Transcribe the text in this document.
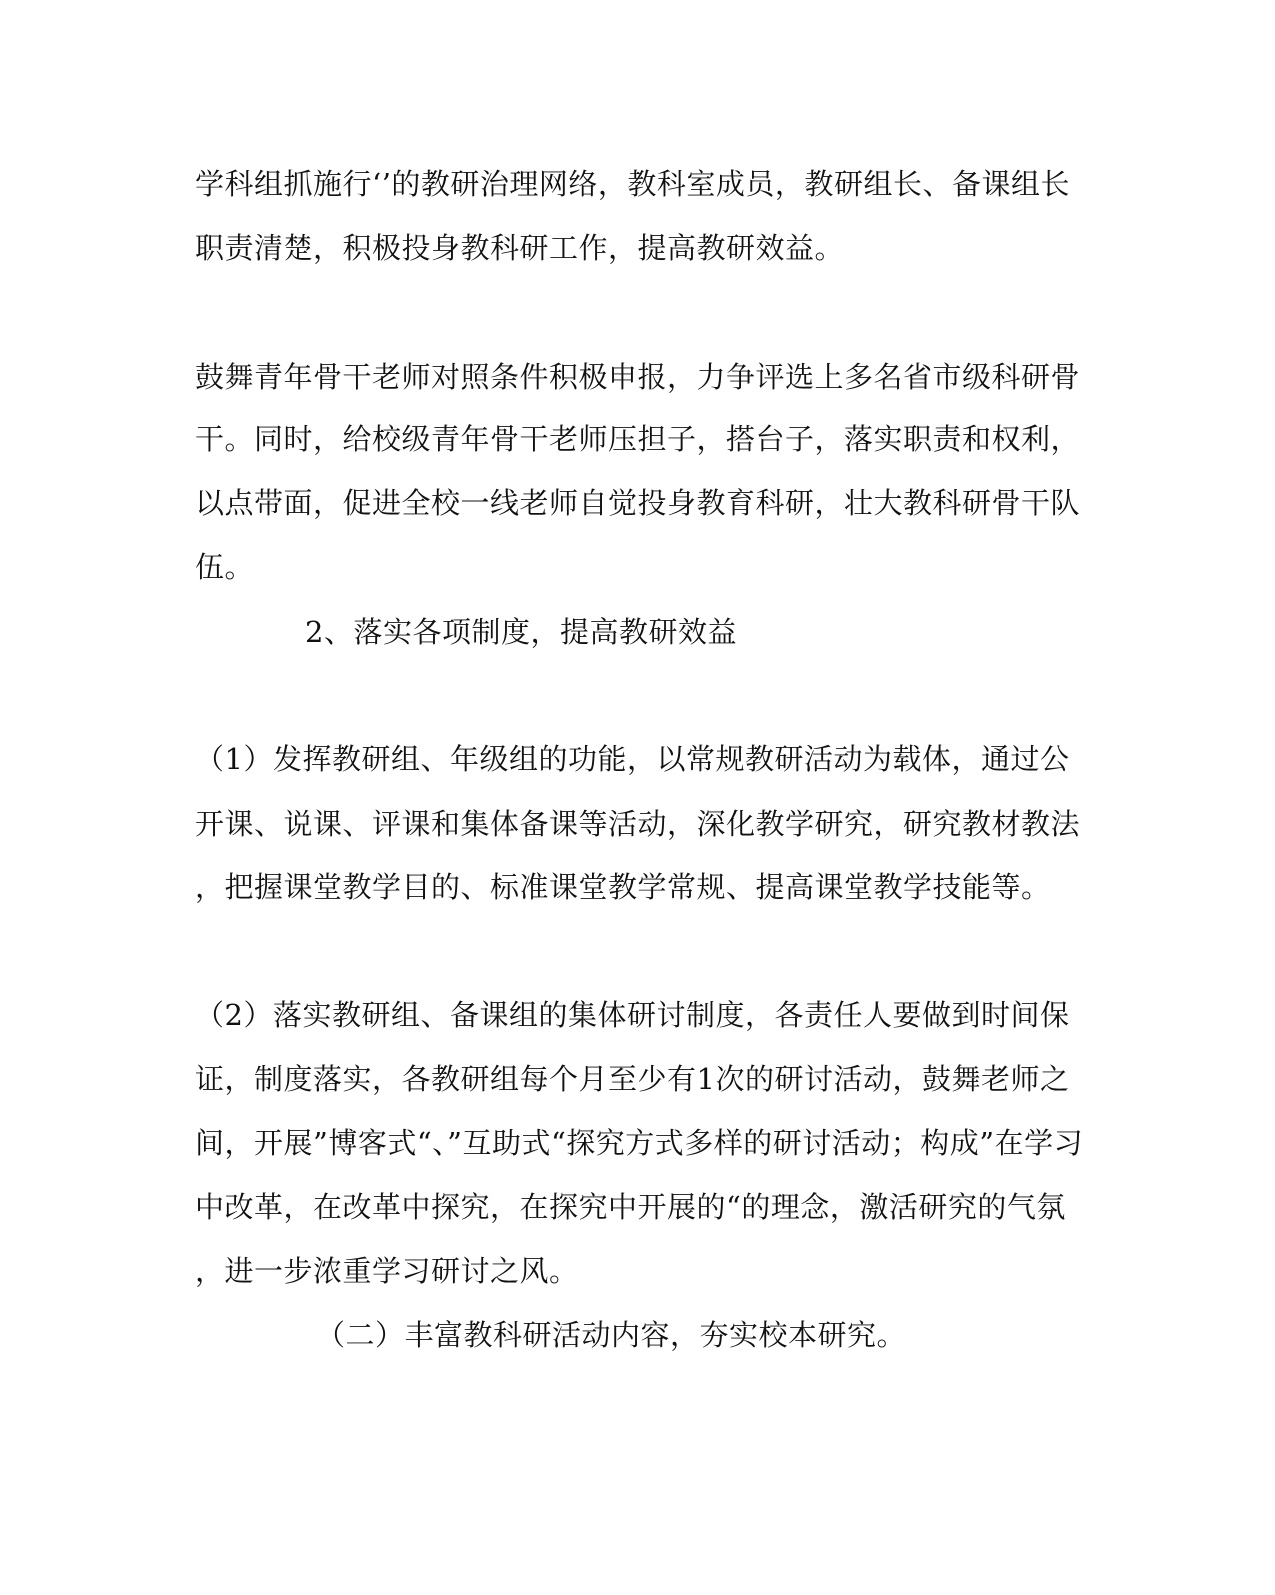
学科组抓施行‘’的教研治理网络，教科室成员，教研组长、备课组长
职责清楚，积极投身教科研工作，提高教研效益。
鼓舞青年骨干老师对照条件积极申报，力争评选上多名省市级科研骨
干。同时，给校级青年骨干老师压担子，搭台子，落实职责和权利，
以点带面，促进全校一线老师自觉投身教育科研，壮大教科研骨干队
伍。
2、落实各项制度，提高教研效益
（1）发挥教研组、年级组的功能，以常规教研活动为载体，通过公
开课、说课、评课和集体备课等活动，深化教学研究，研究教材教法
，把握课堂教学目的、标准课堂教学常规、提高课堂教学技能等。
（2）落实教研组、备课组的集体研讨制度，各责任人要做到时间保
证，制度落实，各教研组每个月至少有1次的研讨活动，鼓舞老师之
间，开展”博客式“、”互助式“探究方式多样的研讨活动；构成”在学习
中改革，在改革中探究，在探究中开展的“的理念，激活研究的气氛
，进一步浓重学习研讨之风。
（二）丰富教科研活动内容，夯实校本研究。
